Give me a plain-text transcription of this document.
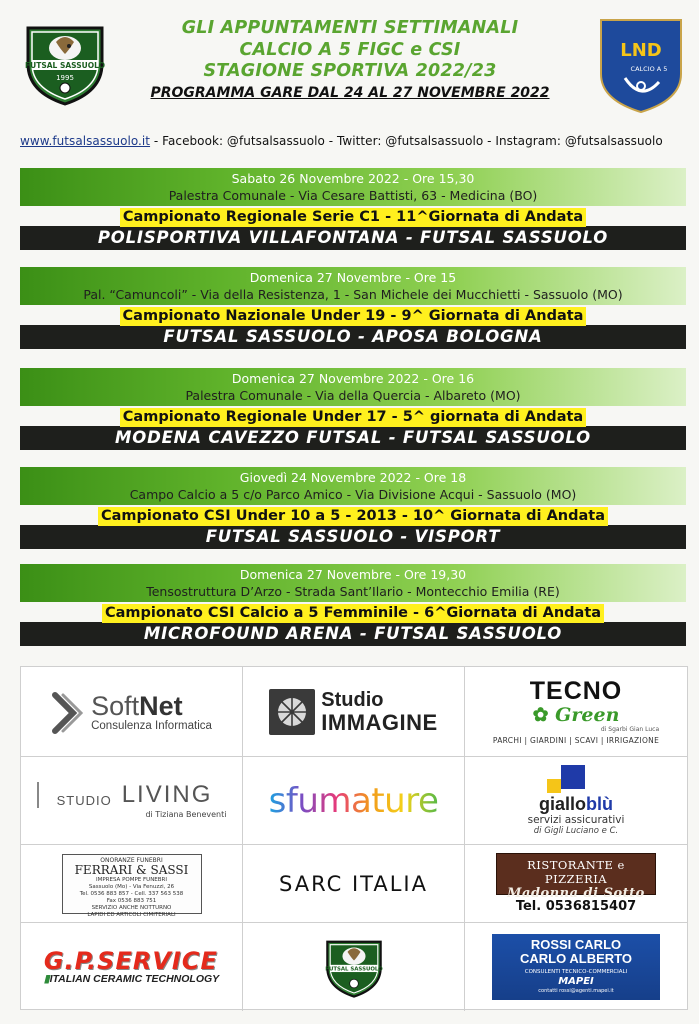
FUTSAL SASSUOLO
1995
GLI APPUNTAMENTI SETTIMANALI
CALCIO A 5 FIGC e CSI
STAGIONE SPORTIVA 2022/23
PROGRAMMA GARE DAL 24 AL 27 NOVEMBRE 2022
LND
CALCIO A 5
www.futsalsassuolo.it - Facebook: @futsalsassuolo - Twitter: @futsalsassuolo - Instagram: @futsalsassuolo
Sabato 26 Novembre 2022 - Ore 15,30
Palestra Comunale - Via Cesare Battisti, 63 - Medicina (BO)
Campionato Regionale Serie C1 - 11^Giornata di Andata
POLISPORTIVA VILLAFONTANA - FUTSAL SASSUOLO
Domenica 27 Novembre - Ore 15
Pal. “Camuncoli” - Via della Resistenza, 1 - San Michele dei Mucchietti - Sassuolo (MO)
Campionato Nazionale Under 19 - 9^ Giornata di Andata
FUTSAL SASSUOLO - APOSA BOLOGNA
Domenica 27 Novembre 2022 - Ore 16
Palestra Comunale - Via della Quercia - Albareto (MO)
Campionato Regionale Under 17 - 5^ giornata di Andata
MODENA CAVEZZO FUTSAL - FUTSAL SASSUOLO
Giovedì 24 Novembre 2022 - Ore 18
Campo Calcio a 5 c/o Parco Amico - Via Divisione Acqui - Sassuolo (MO)
Campionato CSI Under 10 a 5 - 2013 - 10^ Giornata di Andata
FUTSAL SASSUOLO - VISPORT
Domenica 27 Novembre - Ore 19,30
Tensostruttura D’Arzo - Strada Sant’Ilario - Montecchio Emilia (RE)
Campionato CSI Calcio a 5 Femminile - 6^Giornata di Andata
MICROFOUND ARENA - FUTSAL SASSUOLO
SoftNet
Consulenza Informatica
Studio
IMMAGINE
TECNO
✿ Green
di Sgarbi Gian Luca
PARCHI | GIARDINI | SCAVI | IRRIGAZIONE
STUDIO LIVING
di Tiziana Beneventi sfumature	gialloblù
servizi assicurativi
di Gigli Luciano e C.
ONORANZE FUNEBRI
FERRARI & SASSI
IMPRESA POMPE FUNEBRI
Sassuolo (Mo) - Via Fenuzzi, 26
Tel. 0536 883 857 - Cell. 337 563 538
Fax 0536 883 751
SERVIZIO ANCHE NOTTURNO
LAPIDI ED ARTICOLI CIMITERIALI
SARC ITALIA
RISTORANTE e PIZZERIA
Madonna di Sotto
Tel. 0536815407
G.P.SERVICE
▮ITALIAN CERAMIC TECHNOLOGY
FUTSAL SASSUOLO
ROSSI CARLO
CARLO ALBERTO
CONSULENTI TECNICO-COMMERCIALI
MAPEI
contatti rossi@agenti.mapei.it
